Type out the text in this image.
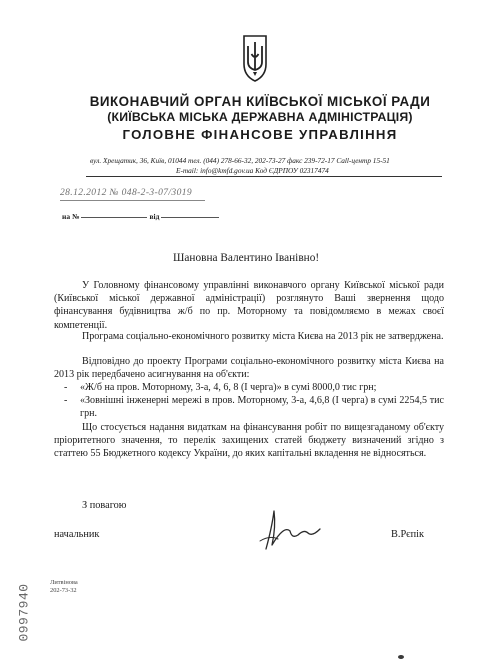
ВИКОНАВЧИЙ ОРГАН КИЇВСЬКОЇ МІСЬКОЇ РАДИ
(КИЇВСЬКА МІСЬКА ДЕРЖАВНА АДМІНІСТРАЦІЯ)
ГОЛОВНЕ ФІНАНСОВЕ УПРАВЛІННЯ
вул. Хрещатик, 36, Київ, 01044 тел. (044) 278-66-32, 202-73-27 факс 239-72-17 Call-центр 15-51
E-mail: info@kmfd.gov.ua Код ЄДРПОУ 02317474
28.12.2012 № 048-2-3-07/3019
на №	від
Шановна Валентино Іванівно!
У Головному фінансовому управлінні виконавчого органу Київської міської ради (Київської міської державної адміністрації) розглянуто Ваші звернення щодо фінансування будівництва ж/б по пр. Моторному та повідомляємо в межах своєї компетенції.
Програма соціально-економічного розвитку міста Києва на 2013 рік не затверджена.
Відповідно до проекту Програми соціально-економічного розвитку міста Києва на 2013 рік передбачено асигнування на об'єкти:
- «Ж/б на пров. Моторному, 3-а, 4, 6, 8 (І черга)» в сумі 8000,0 тис грн;
- «Зовнішні інженерні мережі в пров. Моторному, 3-а, 4,6,8 (І черга) в сумі 2254,5 тис грн.
Що стосується надання видаткам на фінансування робіт по вищезгаданому об'єкту пріоритетного значення, то перелік захищених статей бюджету визначений згідно з статтею 55 Бюджетного кодексу України, до яких капітальні вкладення не відносяться.
З повагою
начальник	В.Рєпік
Литвінова
202-73-32
0997940
